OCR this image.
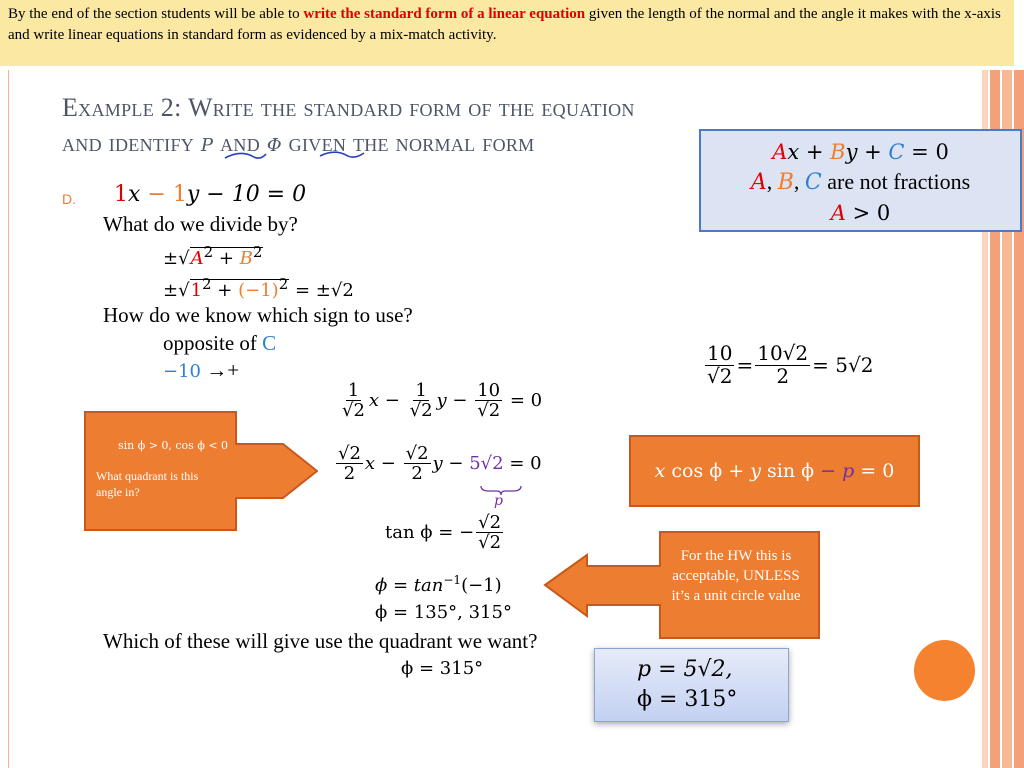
By the end of the section students will be able to write the standard form of a linear equation given the length of the normal and the angle it makes with the x-axis and write linear equations in standard form as evidenced by a mix-match activity.
Example 2: Write the standard form of the equation
and identify p and ϕ given the normal form
D. 1x − 1y − 10 = 0
What do we divide by?
$\pm√A^2 + B^2$
$\pm√1^2 + (-1)^2 = \pm√2$
How do we know which sign to use?
opposite of C
−10 →+	$\frac{10}{√2} = \frac{10√2}{2} = 5√2$
$\frac{1}{√2}$ $x - \frac{1}{√2}$ $y - \frac{10}{√2} = 0$
$\frac{√2}{2}$ $x - \frac{√2}{2}$ y − 5√2 = 0
p
tan ϕ = − $\frac{√2}{√2}$
$\phi = \tan^{-1}(-1)$
ϕ = 135°, 315°
Which of these will give use the quadrant we want?
ϕ = 315°
Ax + By + C = 0
A, B, C are not fractions
A > 0
sin ϕ > 0, cos ϕ < 0
What quadrant is this angle in?
x cos ϕ + y sin ϕ − p = 0
For the HW this is acceptable, UNLESS it’s a unit circle value
p = 5√2,
ϕ = 315°
